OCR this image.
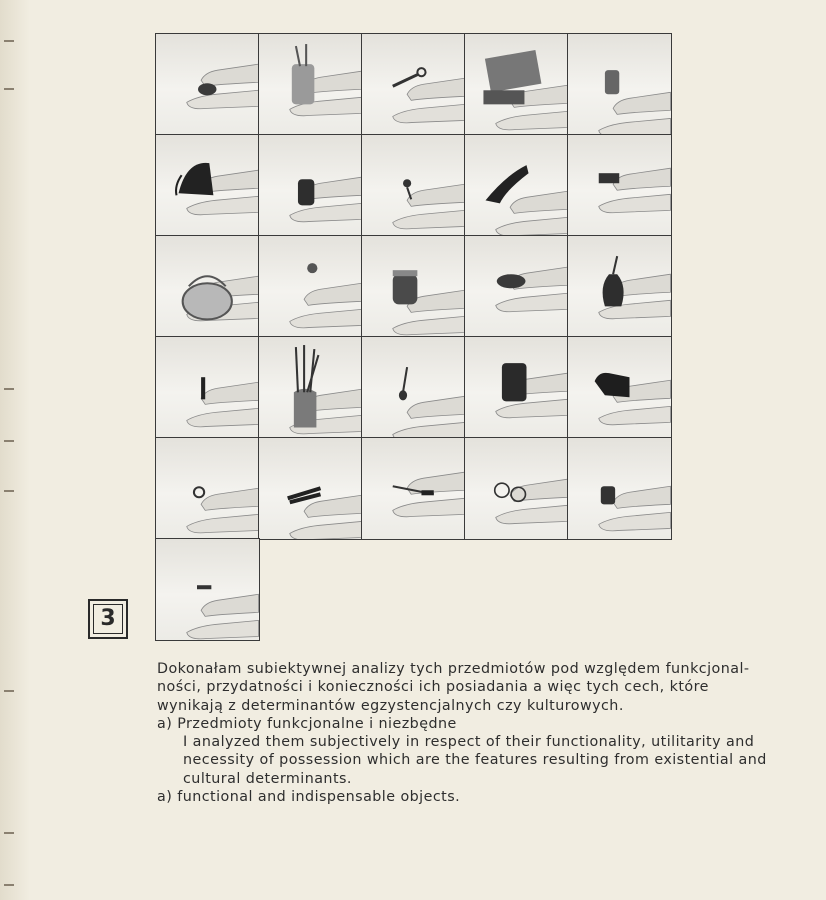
3

Dokonałam subiektywnej analizy tych przedmiotów pod względem funkcjonal-

ności, przydatności i konieczności ich posiadania a więc tych cech, które

wynikają z determinantów egzystencjalnych czy kulturowych.

a) Przedmioty funkcjonalne i niezbędne

I analyzed them subjectively in respect of their functionality, utilitarity and

necessity of possession which are the features resulting from existential and

cultural determinants.

a) functional and indispensable objects.
